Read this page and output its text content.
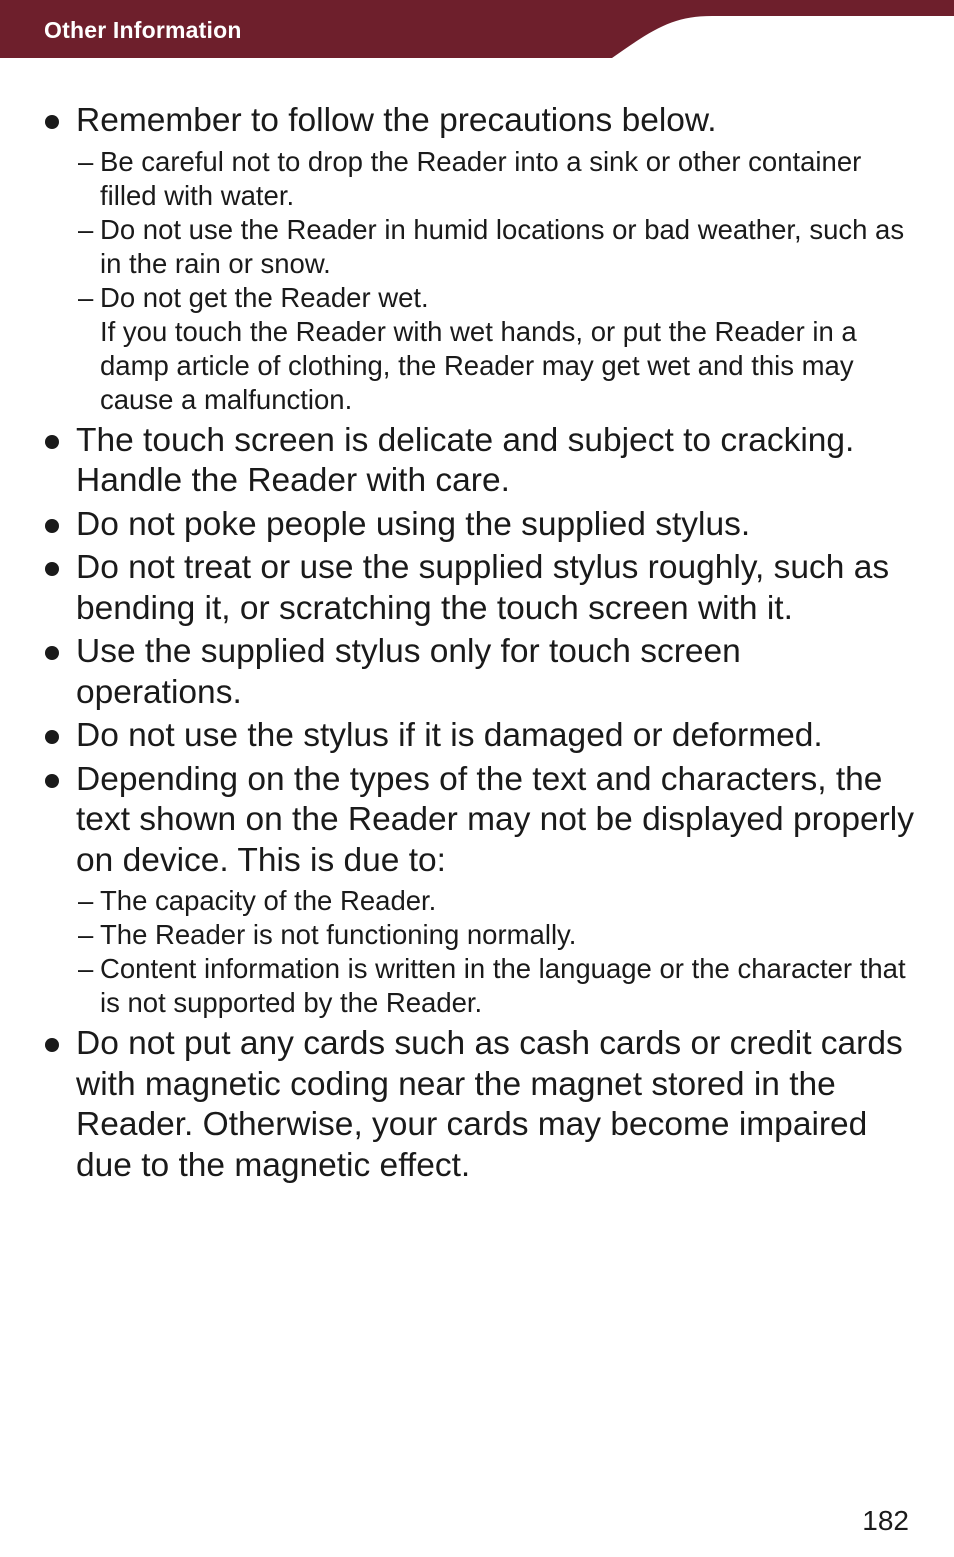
Other Information
Remember to follow the precautions below.
– Be careful not to drop the Reader into a sink or other container filled with water.
– Do not use the Reader in humid locations or bad weather, such as in the rain or snow.
– Do not get the Reader wet.
If you touch the Reader with wet hands, or put the Reader in a damp article of clothing, the Reader may get wet and this may cause a malfunction.
The touch screen is delicate and subject to cracking. Handle the Reader with care.
Do not poke people using the supplied stylus.
Do not treat or use the supplied stylus roughly, such as bending it, or scratching the touch screen with it.
Use the supplied stylus only for touch screen operations.
Do not use the stylus if it is damaged or deformed.
Depending on the types of the text and characters, the text shown on the Reader may not be displayed properly on device. This is due to:
– The capacity of the Reader.
– The Reader is not functioning normally.
– Content information is written in the language or the character that is not supported by the Reader.
Do not put any cards such as cash cards or credit cards with magnetic coding near the magnet stored in the Reader. Otherwise, your cards may become impaired due to the magnetic effect.
182
